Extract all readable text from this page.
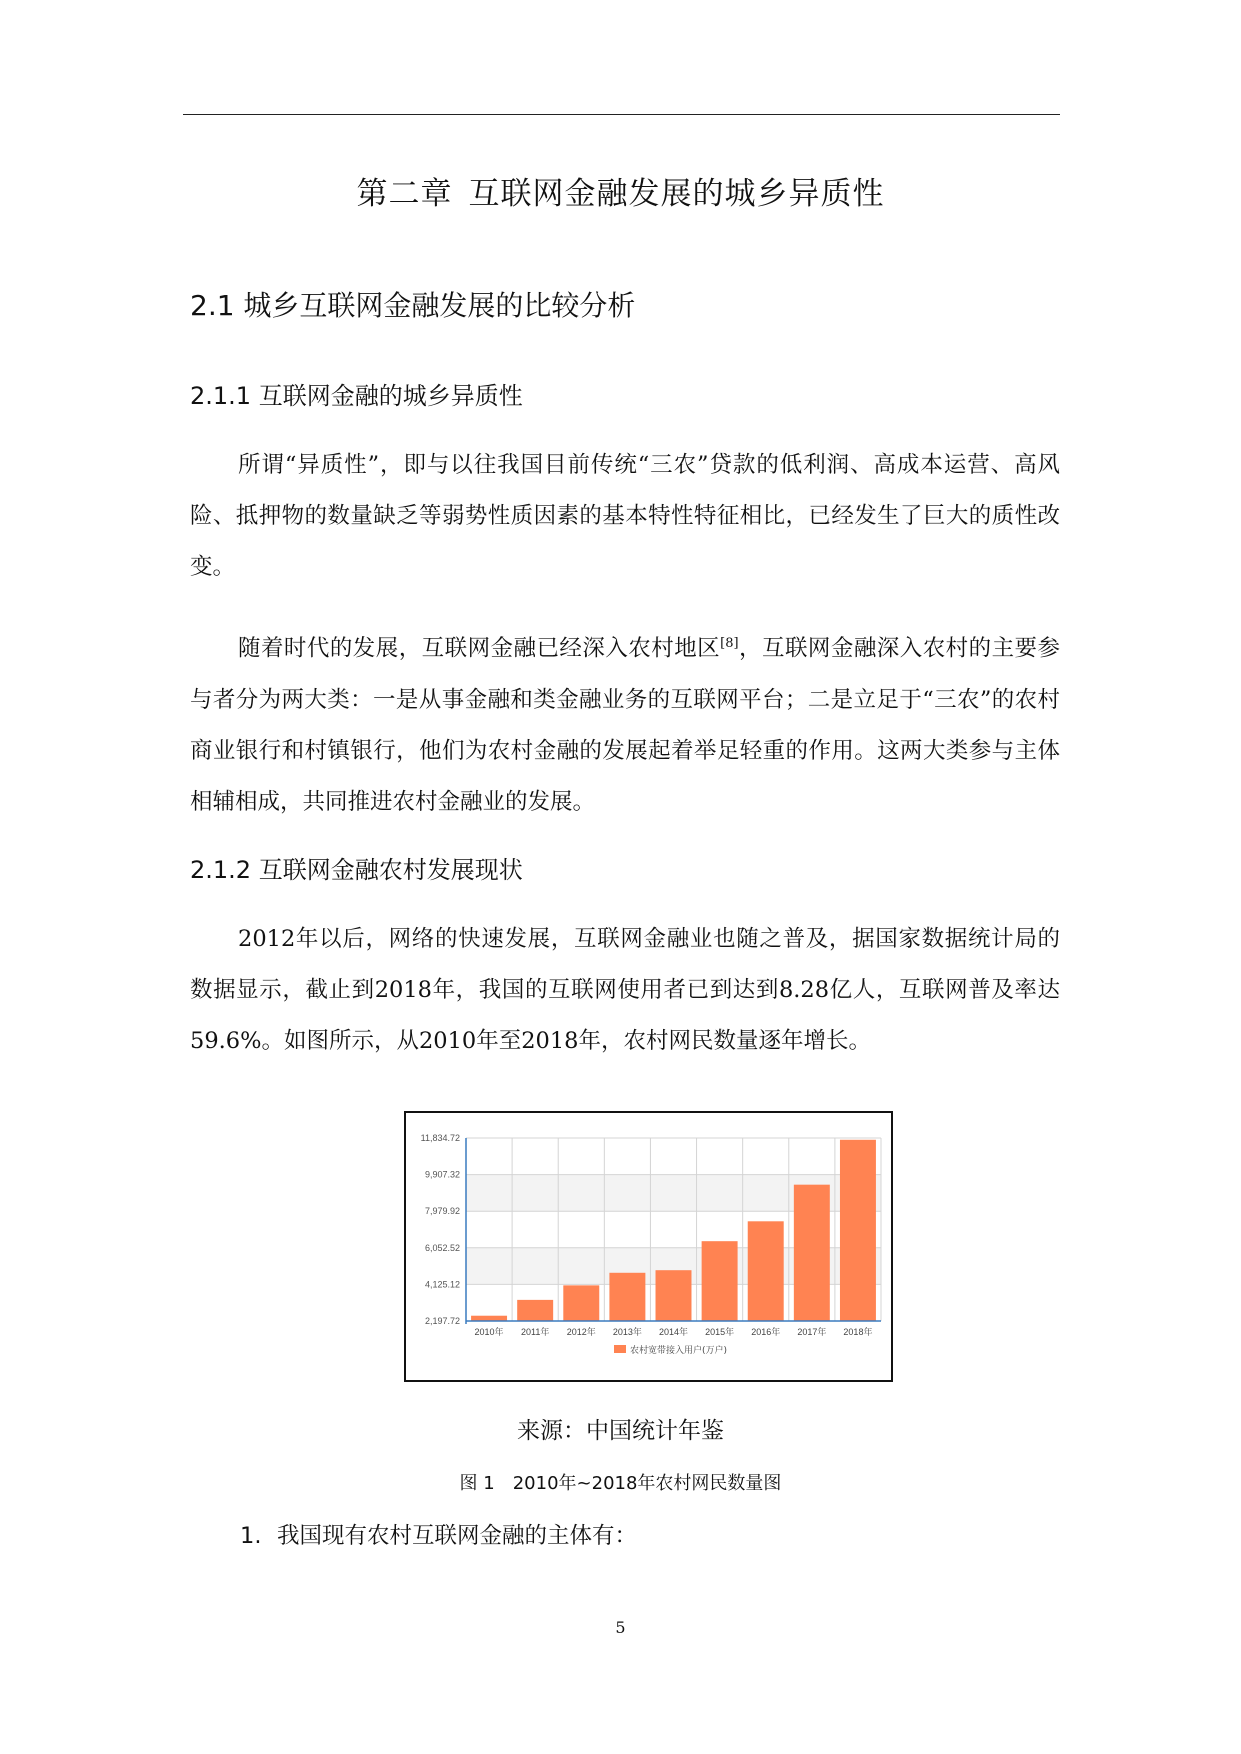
第二章 互联网金融发展的城乡异质性
2.1 城乡互联网金融发展的比较分析
2.1.1 互联网金融的城乡异质性

所谓“异质性”，即与以往我国目前传统“三农”贷款的低利润、高成本运营、高风险、抵押物的数量缺乏等弱势性质因素的基本特性特征相比，已经发生了巨大的质性改变。

随着时代的发展，互联网金融已经深入农村地区[8]，互联网金融深入农村的主要参与者分为两大类：一是从事金融和类金融业务的互联网平台；二是立足于“三农”的农村商业银行和村镇银行，他们为农村金融的发展起着举足轻重的作用。这两大类参与主体相辅相成，共同推进农村金融业的发展。

2.1.2 互联网金融农村发展现状

2012年以后，网络的快速发展，互联网金融业也随之普及，据国家数据统计局的数据显示，截止到2018年，我国的互联网使用者已到达到8.28亿人，互联网普及率达59.6%。如图所示，从2010年至2018年，农村网民数量逐年增长。

2,197.72
4,125.12
6,052.52
7,979.92
9,907.32
11,834.72
2010年 2011年 2012年 2013年 2014年 2015年 2016年 2017年 2018年
农村宽带接入用户(万户)

来源：中国统计年鉴

图 1 2010年~2018年农村网民数量图

1. 我国现有农村互联网金融的主体有：

5
